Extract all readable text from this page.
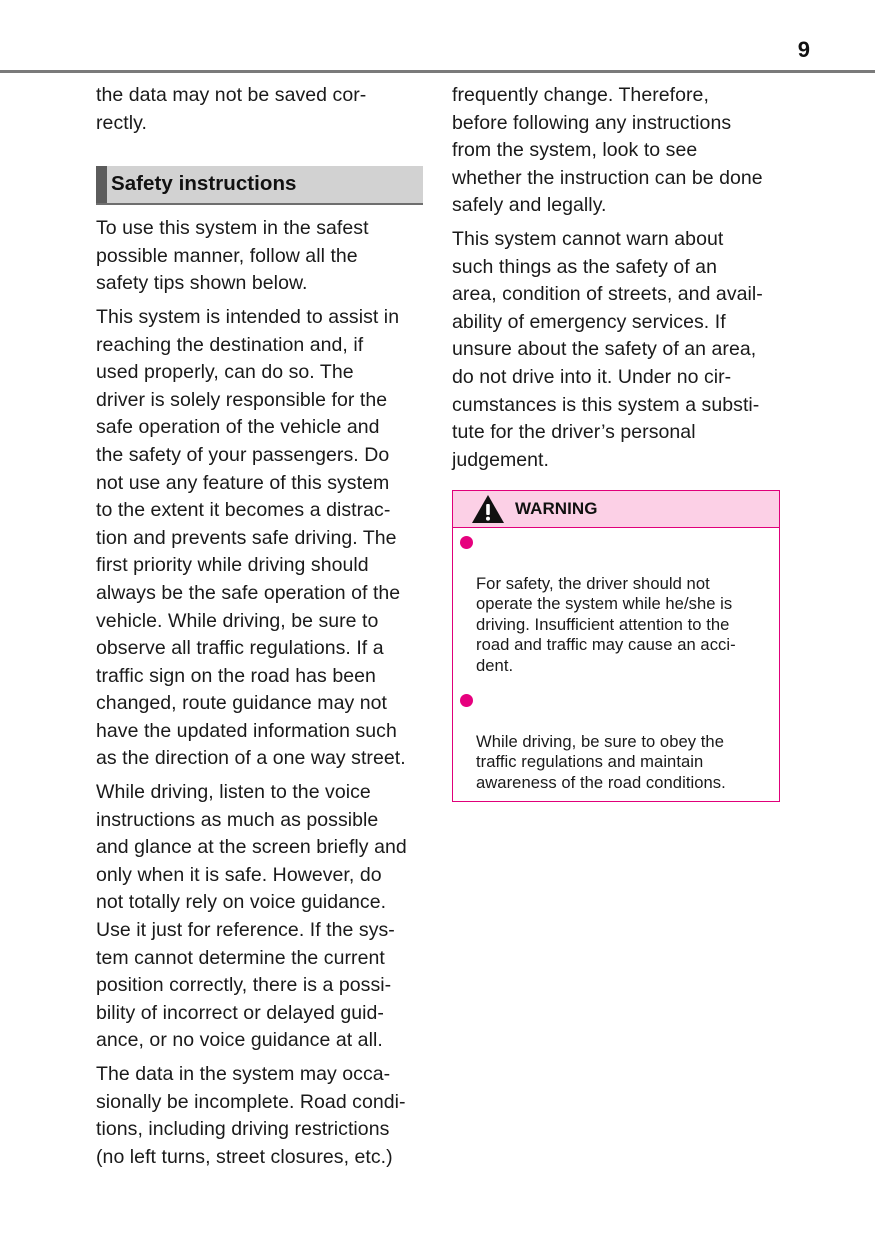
9

the data may not be saved cor-
rectly.

Safety instructions

To use this system in the safest
possible manner, follow all the
safety tips shown below.

This system is intended to assist in
reaching the destination and, if
used properly, can do so. The
driver is solely responsible for the
safe operation of the vehicle and
the safety of your passengers. Do
not use any feature of this system
to the extent it becomes a distrac-
tion and prevents safe driving. The
first priority while driving should
always be the safe operation of the
vehicle. While driving, be sure to
observe all traffic regulations. If a
traffic sign on the road has been
changed, route guidance may not
have the updated information such
as the direction of a one way street.

While driving, listen to the voice
instructions as much as possible
and glance at the screen briefly and
only when it is safe. However, do
not totally rely on voice guidance.
Use it just for reference. If the sys-
tem cannot determine the current
position correctly, there is a possi-
bility of incorrect or delayed guid-
ance, or no voice guidance at all.

The data in the system may occa-
sionally be incomplete. Road condi-
tions, including driving restrictions
(no left turns, street closures, etc.)

frequently change. Therefore,
before following any instructions
from the system, look to see
whether the instruction can be done
safely and legally.

This system cannot warn about
such things as the safety of an
area, condition of streets, and avail-
ability of emergency services. If
unsure about the safety of an area,
do not drive into it. Under no cir-
cumstances is this system a substi-
tute for the driver’s personal
judgement.

WARNING

For safety, the driver should not
operate the system while he/she is
driving. Insufficient attention to the
road and traffic may cause an acci-
dent.

While driving, be sure to obey the
traffic regulations and maintain
awareness of the road conditions.
